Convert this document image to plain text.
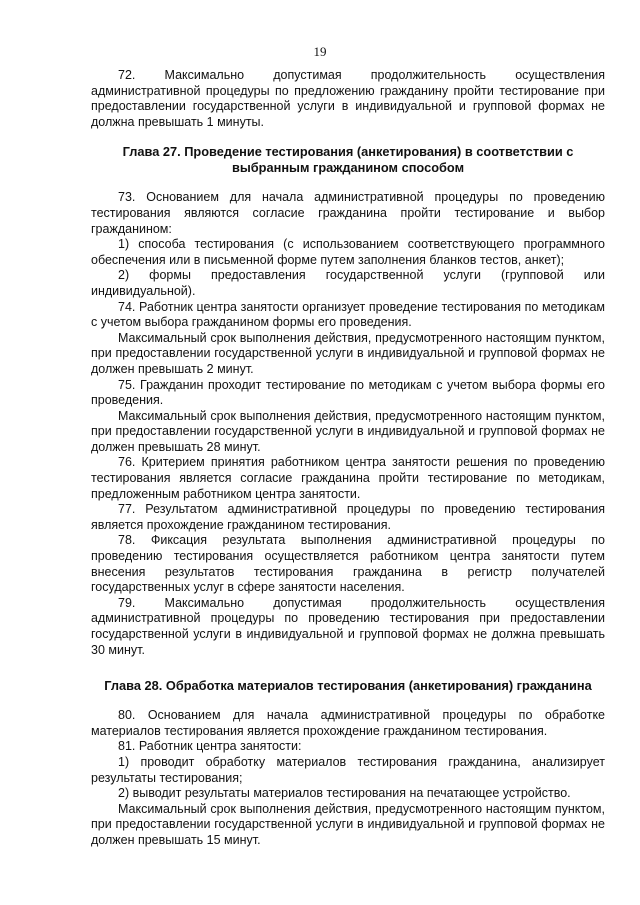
19

72. Максимально допустимая продолжительность осуществления административной процедуры по предложению гражданину пройти тестирование при предоставлении государственной услуги в индивидуальной и групповой формах не должна превышать 1 минуты.

Глава 27. Проведение тестирования (анкетирования) в соответствии с выбранным гражданином способом

73. Основанием для начала административной процедуры по проведению тестирования являются согласие гражданина пройти тестирование и выбор гражданином:

1) способа тестирования (с использованием соответствующего программного обеспечения или в письменной форме путем заполнения бланков тестов, анкет);

2) формы предоставления государственной услуги (групповой или индивидуальной).

74. Работник центра занятости организует проведение тестирования по методикам с учетом выбора гражданином формы его проведения.

Максимальный срок выполнения действия, предусмотренного настоящим пунктом, при предоставлении государственной услуги в индивидуальной и групповой формах не должен превышать 2 минут.

75. Гражданин проходит тестирование по методикам с учетом выбора формы его проведения.

Максимальный срок выполнения действия, предусмотренного настоящим пунктом, при предоставлении государственной услуги в индивидуальной и групповой формах не должен превышать 28 минут.

76. Критерием принятия работником центра занятости решения по проведению тестирования является согласие гражданина пройти тестирование по методикам, предложенным работником центра занятости.

77. Результатом административной процедуры по проведению тестирования является прохождение гражданином тестирования.

78. Фиксация результата выполнения административной процедуры по проведению тестирования осуществляется работником центра занятости путем внесения результатов тестирования гражданина в регистр получателей государственных услуг в сфере занятости населения.

79. Максимально допустимая продолжительность осуществления административной процедуры по проведению тестирования при предоставлении государственной услуги в индивидуальной и групповой формах не должна превышать 30 минут.

Глава 28. Обработка материалов тестирования (анкетирования) гражданина

80. Основанием для начала административной процедуры по обработке материалов тестирования является прохождение гражданином тестирования.

81. Работник центра занятости:

1) проводит обработку материалов тестирования гражданина, анализирует результаты тестирования;

2) выводит результаты материалов тестирования на печатающее устройство.

Максимальный срок выполнения действия, предусмотренного настоящим пунктом, при предоставлении государственной услуги в индивидуальной и групповой формах не должен превышать 15 минут.
